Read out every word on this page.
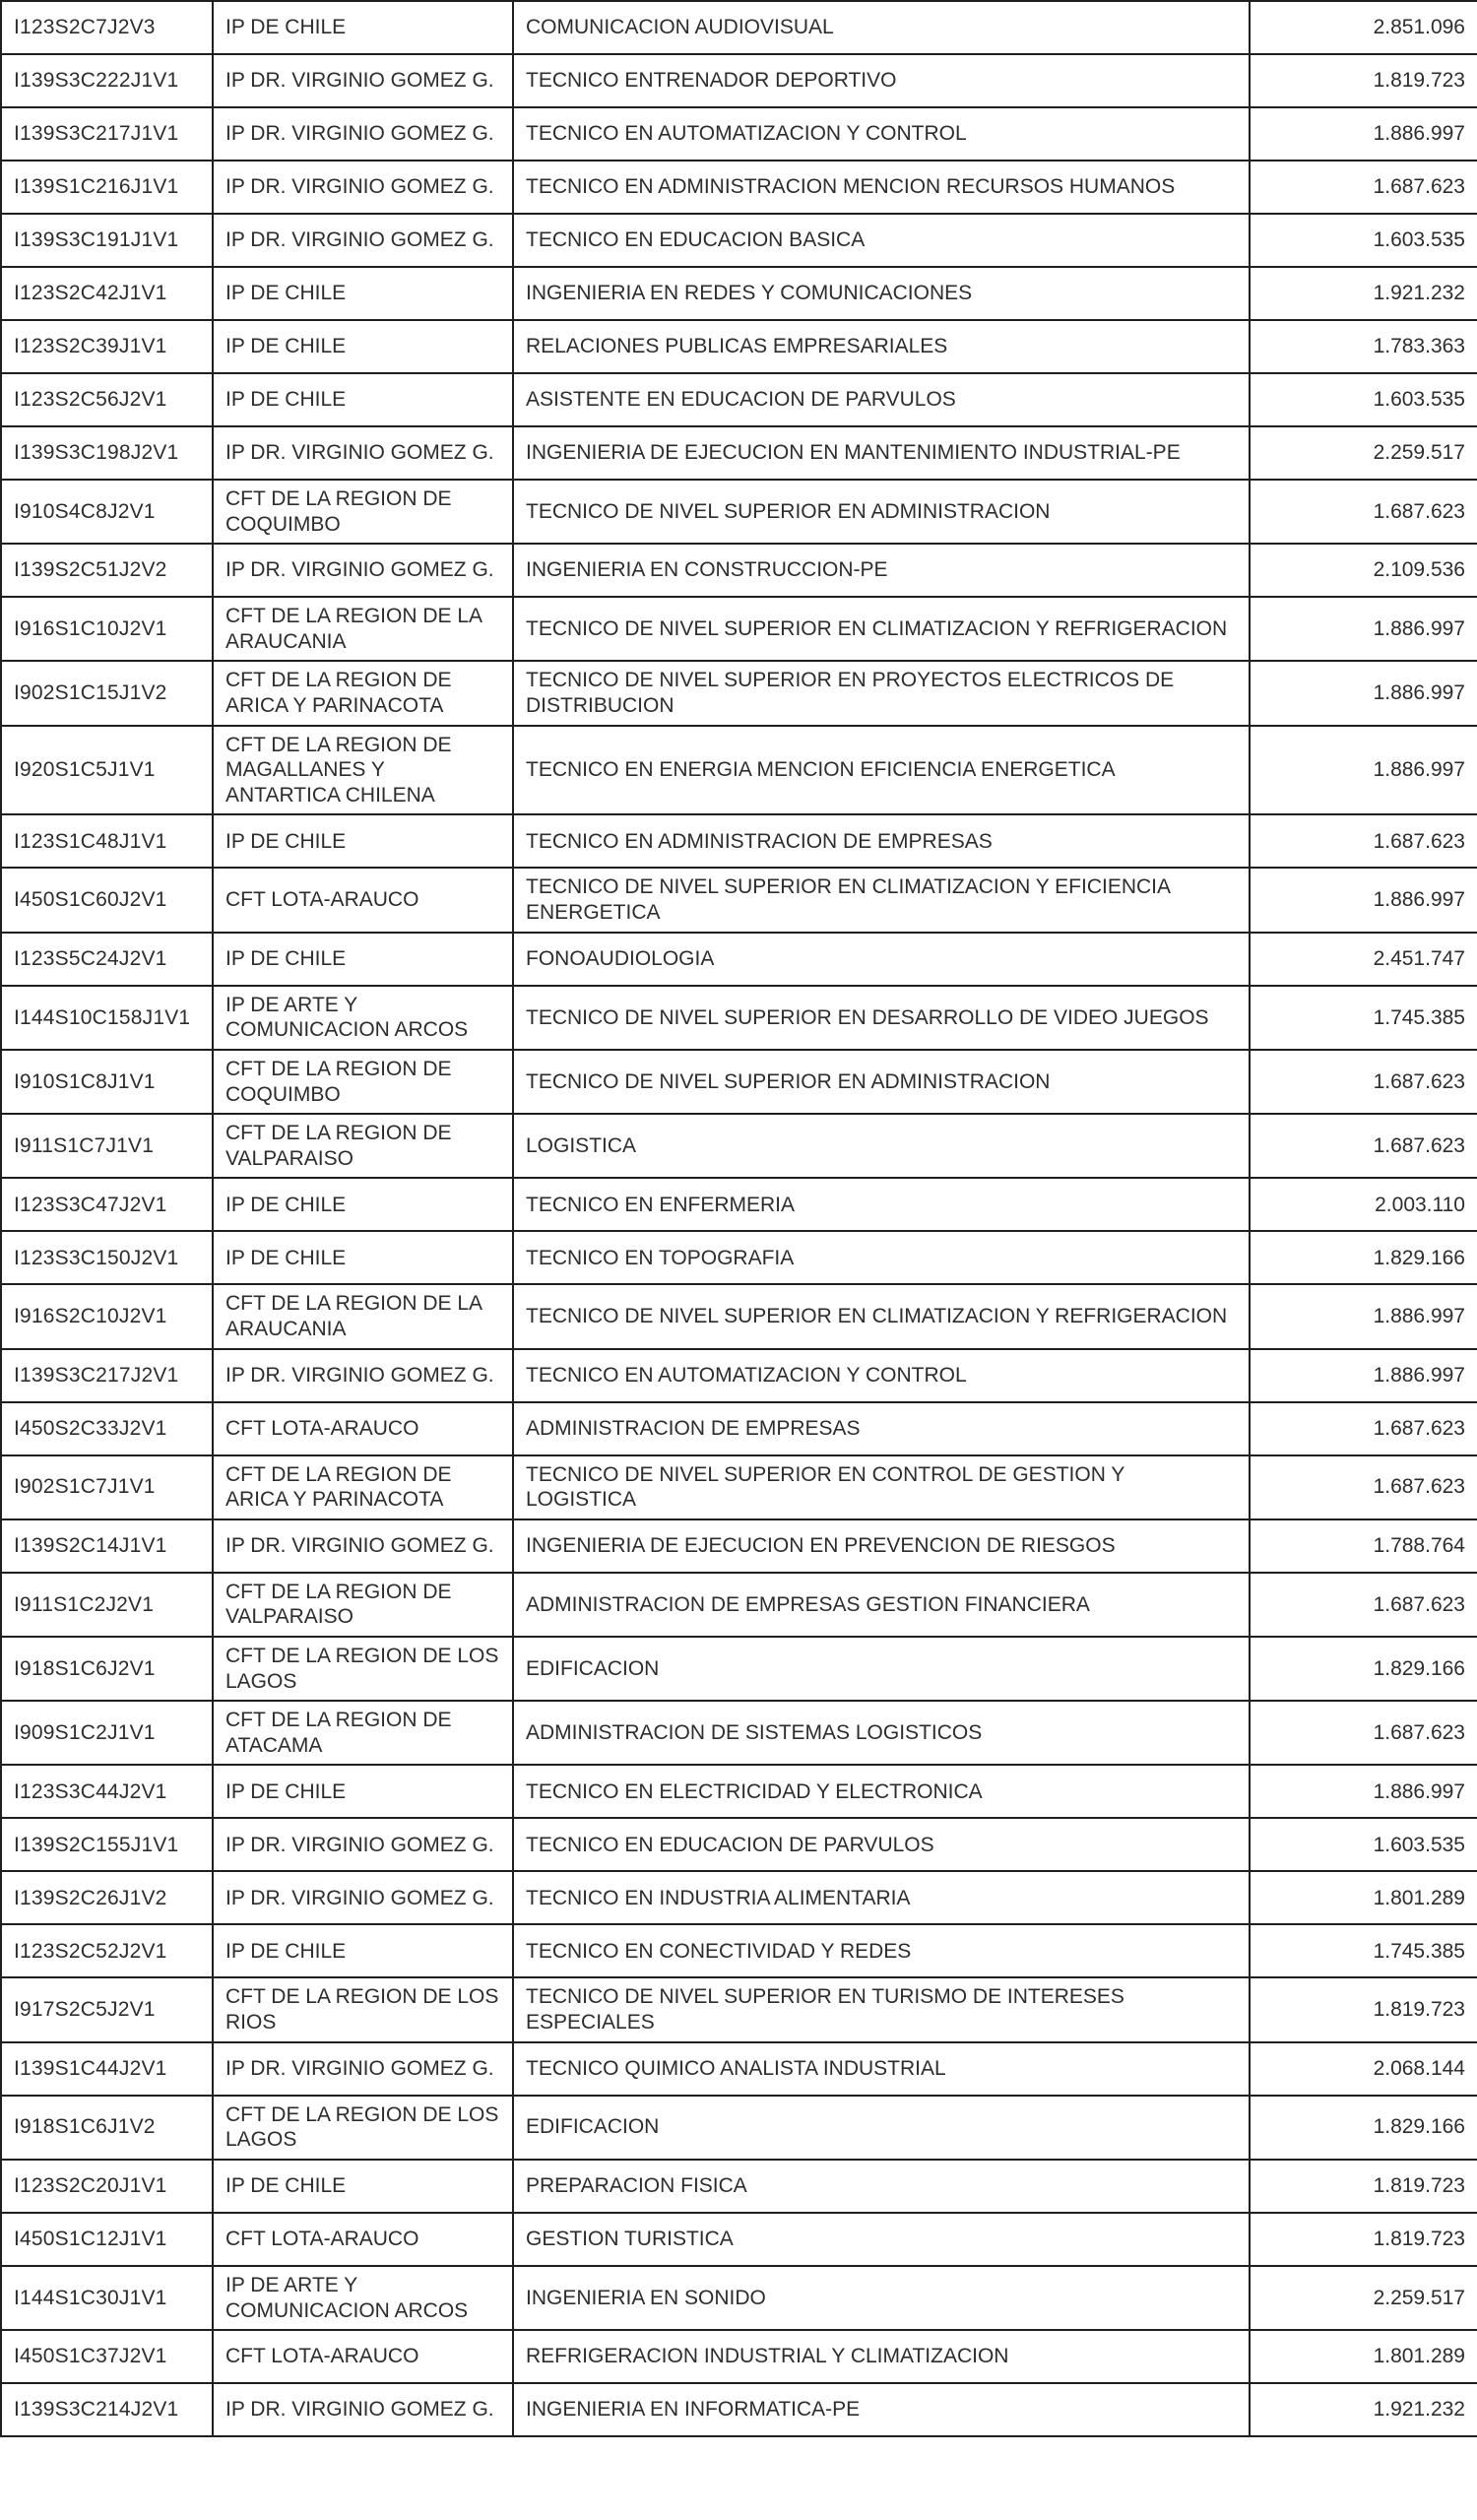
I123S2C7J2V3	IP DE CHILE	COMUNICACION AUDIOVISUAL	2.851.096
I139S3C222J1V1	IP DR. VIRGINIO GOMEZ G.	TECNICO ENTRENADOR DEPORTIVO	1.819.723
I139S3C217J1V1	IP DR. VIRGINIO GOMEZ G.	TECNICO EN AUTOMATIZACION Y CONTROL	1.886.997
I139S1C216J1V1	IP DR. VIRGINIO GOMEZ G.	TECNICO EN ADMINISTRACION MENCION RECURSOS HUMANOS	1.687.623
I139S3C191J1V1	IP DR. VIRGINIO GOMEZ G.	TECNICO EN EDUCACION BASICA	1.603.535
I123S2C42J1V1	IP DE CHILE	INGENIERIA EN REDES Y COMUNICACIONES	1.921.232
I123S2C39J1V1	IP DE CHILE	RELACIONES PUBLICAS EMPRESARIALES	1.783.363
I123S2C56J2V1	IP DE CHILE	ASISTENTE EN EDUCACION DE PARVULOS	1.603.535
I139S3C198J2V1	IP DR. VIRGINIO GOMEZ G.	INGENIERIA DE EJECUCION EN MANTENIMIENTO INDUSTRIAL-PE	2.259.517
I910S4C8J2V1	CFT DE LA REGION DE COQUIMBO	TECNICO DE NIVEL SUPERIOR EN ADMINISTRACION	1.687.623
I139S2C51J2V2	IP DR. VIRGINIO GOMEZ G.	INGENIERIA EN CONSTRUCCION-PE	2.109.536
I916S1C10J2V1	CFT DE LA REGION DE LA ARAUCANIA	TECNICO DE NIVEL SUPERIOR EN CLIMATIZACION Y REFRIGERACION	1.886.997
I902S1C15J1V2	CFT DE LA REGION DE ARICA Y PARINACOTA	TECNICO DE NIVEL SUPERIOR EN PROYECTOS ELECTRICOS DE DISTRIBUCION	1.886.997
I920S1C5J1V1	CFT DE LA REGION DE MAGALLANES Y ANTARTICA CHILENA	TECNICO EN ENERGIA MENCION EFICIENCIA ENERGETICA	1.886.997
I123S1C48J1V1	IP DE CHILE	TECNICO EN ADMINISTRACION DE EMPRESAS	1.687.623
I450S1C60J2V1	CFT LOTA-ARAUCO	TECNICO DE NIVEL SUPERIOR EN CLIMATIZACION Y EFICIENCIA ENERGETICA	1.886.997
I123S5C24J2V1	IP DE CHILE	FONOAUDIOLOGIA	2.451.747
I144S10C158J1V1	IP DE ARTE Y COMUNICACION ARCOS	TECNICO DE NIVEL SUPERIOR EN DESARROLLO DE VIDEO JUEGOS	1.745.385
I910S1C8J1V1	CFT DE LA REGION DE COQUIMBO	TECNICO DE NIVEL SUPERIOR EN ADMINISTRACION	1.687.623
I911S1C7J1V1	CFT DE LA REGION DE VALPARAISO	LOGISTICA	1.687.623
I123S3C47J2V1	IP DE CHILE	TECNICO EN ENFERMERIA	2.003.110
I123S3C150J2V1	IP DE CHILE	TECNICO EN TOPOGRAFIA	1.829.166
I916S2C10J2V1	CFT DE LA REGION DE LA ARAUCANIA	TECNICO DE NIVEL SUPERIOR EN CLIMATIZACION Y REFRIGERACION	1.886.997
I139S3C217J2V1	IP DR. VIRGINIO GOMEZ G.	TECNICO EN AUTOMATIZACION Y CONTROL	1.886.997
I450S2C33J2V1	CFT LOTA-ARAUCO	ADMINISTRACION DE EMPRESAS	1.687.623
I902S1C7J1V1	CFT DE LA REGION DE ARICA Y PARINACOTA	TECNICO DE NIVEL SUPERIOR EN CONTROL DE GESTION Y LOGISTICA	1.687.623
I139S2C14J1V1	IP DR. VIRGINIO GOMEZ G.	INGENIERIA DE EJECUCION EN PREVENCION DE RIESGOS	1.788.764
I911S1C2J2V1	CFT DE LA REGION DE VALPARAISO	ADMINISTRACION DE EMPRESAS GESTION FINANCIERA	1.687.623
I918S1C6J2V1	CFT DE LA REGION DE LOS LAGOS	EDIFICACION	1.829.166
I909S1C2J1V1	CFT DE LA REGION DE ATACAMA	ADMINISTRACION DE SISTEMAS LOGISTICOS	1.687.623
I123S3C44J2V1	IP DE CHILE	TECNICO EN ELECTRICIDAD Y ELECTRONICA	1.886.997
I139S2C155J1V1	IP DR. VIRGINIO GOMEZ G.	TECNICO EN EDUCACION DE PARVULOS	1.603.535
I139S2C26J1V2	IP DR. VIRGINIO GOMEZ G.	TECNICO EN INDUSTRIA ALIMENTARIA	1.801.289
I123S2C52J2V1	IP DE CHILE	TECNICO EN CONECTIVIDAD Y REDES	1.745.385
I917S2C5J2V1	CFT DE LA REGION DE LOS RIOS	TECNICO DE NIVEL SUPERIOR EN TURISMO DE INTERESES ESPECIALES	1.819.723
I139S1C44J2V1	IP DR. VIRGINIO GOMEZ G.	TECNICO QUIMICO ANALISTA INDUSTRIAL	2.068.144
I918S1C6J1V2	CFT DE LA REGION DE LOS LAGOS	EDIFICACION	1.829.166
I123S2C20J1V1	IP DE CHILE	PREPARACION FISICA	1.819.723
I450S1C12J1V1	CFT LOTA-ARAUCO	GESTION TURISTICA	1.819.723
I144S1C30J1V1	IP DE ARTE Y COMUNICACION ARCOS	INGENIERIA EN SONIDO	2.259.517
I450S1C37J2V1	CFT LOTA-ARAUCO	REFRIGERACION INDUSTRIAL Y CLIMATIZACION	1.801.289
I139S3C214J2V1	IP DR. VIRGINIO GOMEZ G.	INGENIERIA EN INFORMATICA-PE	1.921.232
